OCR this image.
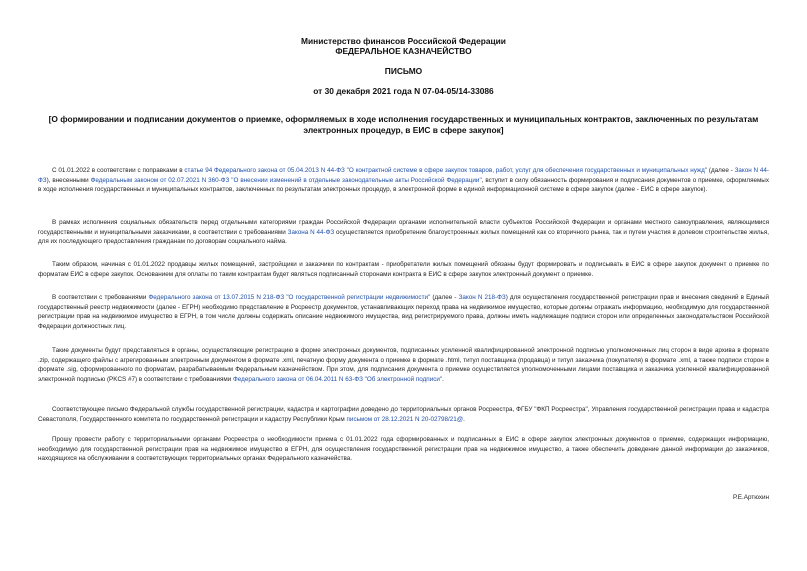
Министерство финансов Российской Федерации
ФЕДЕРАЛЬНОЕ КАЗНАЧЕЙСТВО
ПИСЬМО
от 30 декабря 2021 года N 07-04-05/14-33086
[О формировании и подписании документов о приемке, оформляемых в ходе исполнения государственных и муниципальных контрактов, заключенных по результатам электронных процедур, в ЕИС в сфере закупок]

С 01.01.2022 в соответствии с поправками в статье 94 Федерального закона от 05.04.2013 N 44-ФЗ "О контрактной системе в сфере закупок товаров, работ, услуг для обеспечения государственных и муниципальных нужд" (далее - Закон N 44-ФЗ), внесенными Федеральным законом от 02.07.2021 N 360-ФЗ "О внесении изменений в отдельные законодательные акты Российской Федерации", вступит в силу обязанность формирования и подписания документов о приемке, оформляемых в ходе исполнения государственных и муниципальных контрактов, заключенных по результатам электронных процедур, в электронной форме в единой информационной системе в сфере закупок (далее - ЕИС в сфере закупок).

В рамках исполнения социальных обязательств перед отдельными категориями граждан Российской Федерации органами исполнительной власти субъектов Российской Федерации и органами местного самоуправления, являющимися государственными и муниципальными заказчиками, в соответствии с требованиями Закона N 44-ФЗ осуществляется приобретение благоустроенных жилых помещений как со вторичного рынка, так и путем участия в долевом строительстве жилья, для их последующего предоставления гражданам по договорам социального найма.

Таким образом, начиная с 01.01.2022 продавцы жилых помещений, застройщики и заказчики по контрактам - приобретатели жилых помещений обязаны будут формировать и подписывать в ЕИС в сфере закупок документ о приемке по форматам ЕИС в сфере закупок. Основанием для оплаты по таким контрактам будет являться подписанный сторонами контракта в ЕИС в сфере закупок электронный документ о приемке.

В соответствии с требованиями Федерального закона от 13.07.2015 N 218-ФЗ "О государственной регистрации недвижимости" (далее - Закон N 218-ФЗ) для осуществления государственной регистрации прав и внесения сведений в Единый государственный реестр недвижимости (далее - ЕГРН) необходимо представление в Росреестр документов, устанавливающих переход права на недвижимое имущество, которые должны отражать информацию, необходимую для государственной регистрации прав на недвижимое имущество в ЕГРН, в том числе должны содержать описание недвижимого имущества, вид регистрируемого права, должны иметь надлежащие подписи сторон или определенных законодательством Российской Федерации должностных лиц.

Такие документы будут представляться в органы, осуществляющие регистрацию в форме электронных документов, подписанных усиленной квалифицированной электронной подписью уполномоченных лиц сторон в виде архива в формате .zip, содержащего файлы с агрегированным электронным документом в формате .xml, печатную форму документа о приемке в формате .html, титул поставщика (продавца) и титул заказчика (покупателя) в формате .xml, а также подписи сторон в формате .sig, сформированного по форматам, разрабатываемым Федеральным казначейством. При этом, для подписания документа о приемке осуществляется уполномоченными лицами поставщика и заказчика усиленной квалифицированной электронной подписью (PKCS #7) в соответствии с требованиями Федерального закона от 06.04.2011 N 63-ФЗ "Об электронной подписи".

Соответствующее письмо Федеральной службы государственной регистрации, кадастра и картографии доведено до территориальных органов Росреестра, ФГБУ "ФКП Росреестра", Управления государственной регистрации права и кадастра Севастополя, Государственного комитета по государственной регистрации и кадастру Республики Крым письмом от 28.12.2021 N 20-02798/21@.

Прошу провести работу с территориальными органами Росреестра о необходимости приема с 01.01.2022 года сформированных и подписанных в ЕИС в сфере закупок электронных документов о приемке, содержащих информацию, необходимую для государственной регистрации прав на недвижимое имущество в ЕГРН, для осуществления государственной регистрации прав на недвижимое имущество, а также обеспечить доведение данной информации до заказчиков, находящихся на обслуживании в соответствующих территориальных органах Федерального казначейства.

Р.Е.Артюхин
